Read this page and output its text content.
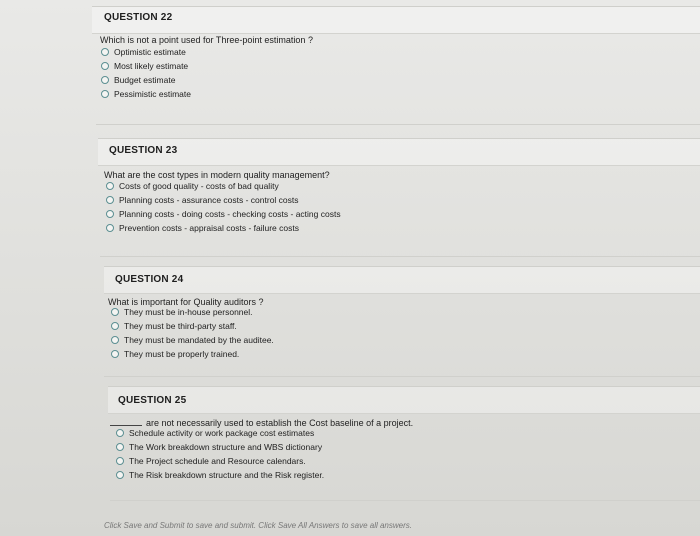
QUESTION 22
Which is not a point used for Three-point estimation ?
Optimistic estimate
Most likely estimate
Budget estimate
Pessimistic estimate
QUESTION 23
What are the cost types in modern quality management?
Costs of good quality - costs of bad quality
Planning costs - assurance costs - control costs
Planning costs - doing costs - checking costs - acting costs
Prevention costs - appraisal costs - failure costs
QUESTION 24
What is important for Quality auditors ?
They must be in-house personnel.
They must be third-party staff.
They must be mandated by the auditee.
They must be properly trained.
QUESTION 25
are not necessarily used to establish the Cost baseline of a project.
Schedule activity or work package cost estimates
The Work breakdown structure and WBS dictionary
The Project schedule and Resource calendars.
The Risk breakdown structure and the Risk register.
Click Save and Submit to save and submit. Click Save All Answers to save all answers.
